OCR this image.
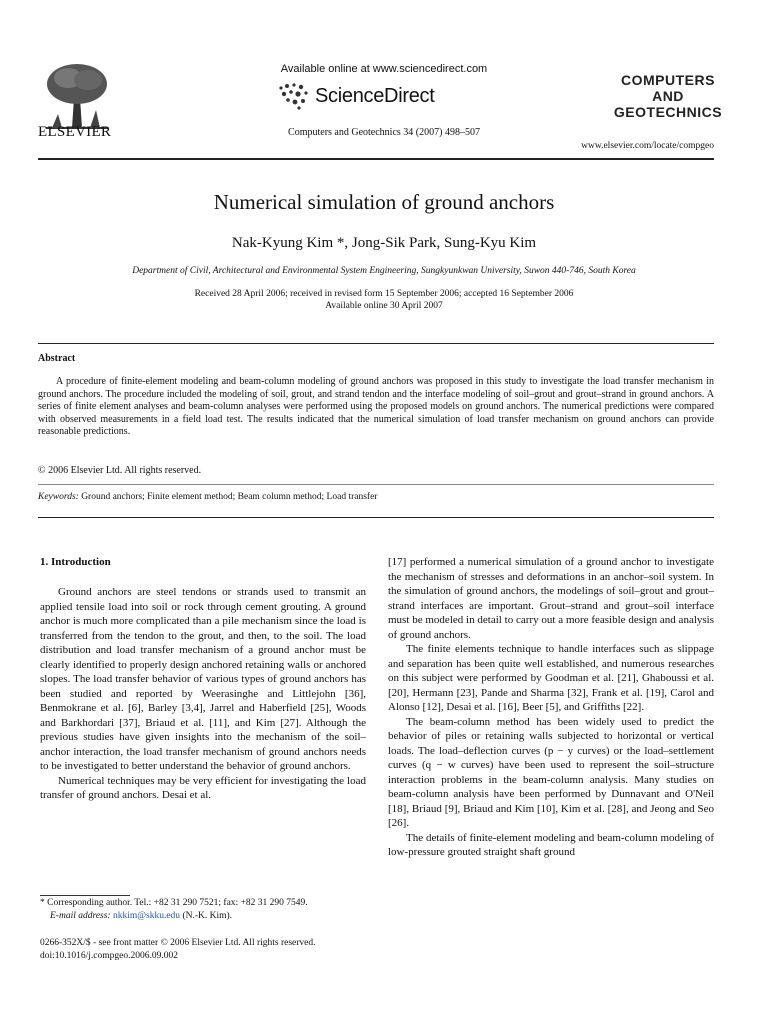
ELSEVIER
Available online at www.sciencedirect.com
ScienceDirect
Computers and Geotechnics 34 (2007) 498–507
COMPUTERS
AND
GEOTECHNICS
www.elsevier.com/locate/compgeo
Numerical simulation of ground anchors
Nak-Kyung Kim *, Jong-Sik Park, Sung-Kyu Kim
Department of Civil, Architectural and Environmental System Engineering, Sungkyunkwan University, Suwon 440-746, South Korea
Received 28 April 2006; received in revised form 15 September 2006; accepted 16 September 2006
Available online 30 April 2007
Abstract

A procedure of finite-element modeling and beam-column modeling of ground anchors was proposed in this study to investigate the load transfer mechanism in ground anchors. The procedure included the modeling of soil, grout, and strand tendon and the interface modeling of soil–grout and grout–strand in ground anchors. A series of finite element analyses and beam-column analyses were performed using the proposed models on ground anchors. The numerical predictions were compared with observed measurements in a field load test. The results indicated that the numerical simulation of load transfer mechanism on ground anchors can provide reasonable predictions.

© 2006 Elsevier Ltd. All rights reserved.
Keywords: Ground anchors; Finite element method; Beam column method; Load transfer
1. Introduction

Ground anchors are steel tendons or strands used to transmit an applied tensile load into soil or rock through cement grouting. A ground anchor is much more complicated than a pile mechanism since the load is transferred from the tendon to the grout, and then, to the soil. The load distribution and load transfer mechanism of a ground anchor must be clearly identified to properly design anchored retaining walls or anchored slopes. The load transfer behavior of various types of ground anchors has been studied and reported by Weerasinghe and Littlejohn [36], Benmokrane et al. [6], Barley [3,4], Jarrel and Haberfield [25], Woods and Barkhordari [37], Briaud et al. [11], and Kim [27]. Although the previous studies have given insights into the mechanism of the soil–anchor interaction, the load transfer mechanism of ground anchors needs to be investigated to better understand the behavior of ground anchors.

Numerical techniques may be very efficient for investigating the load transfer of ground anchors. Desai et al.

[17] performed a numerical simulation of a ground anchor to investigate the mechanism of stresses and deformations in an anchor–soil system. In the simulation of ground anchors, the modelings of soil–grout and grout–strand interfaces are important. Grout–strand and grout–soil interface must be modeled in detail to carry out a more feasible design and analysis of ground anchors.

The finite elements technique to handle interfaces such as slippage and separation has been quite well established, and numerous researches on this subject were performed by Goodman et al. [21], Ghaboussi et al. [20], Hermann [23], Pande and Sharma [32], Frank et al. [19], Carol and Alonso [12], Desai et al. [16], Beer [5], and Griffiths [22].

The beam-column method has been widely used to predict the behavior of piles or retaining walls subjected to horizontal or vertical loads. The load–deflection curves (p − y curves) or the load–settlement curves (q − w curves) have been used to represent the soil–structure interaction problems in the beam-column analysis. Many studies on beam-column analysis have been performed by Dunnavant and O'Neil [18], Briaud [9], Briaud and Kim [10], Kim et al. [28], and Jeong and Seo [26].

The details of finite-element modeling and beam-column modeling of low-pressure grouted straight shaft ground

* Corresponding author. Tel.: +82 31 290 7521; fax: +82 31 290 7549.
E-mail address: nkkim@skku.edu (N.-K. Kim).
0266-352X/$ - see front matter © 2006 Elsevier Ltd. All rights reserved.
doi:10.1016/j.compgeo.2006.09.002
